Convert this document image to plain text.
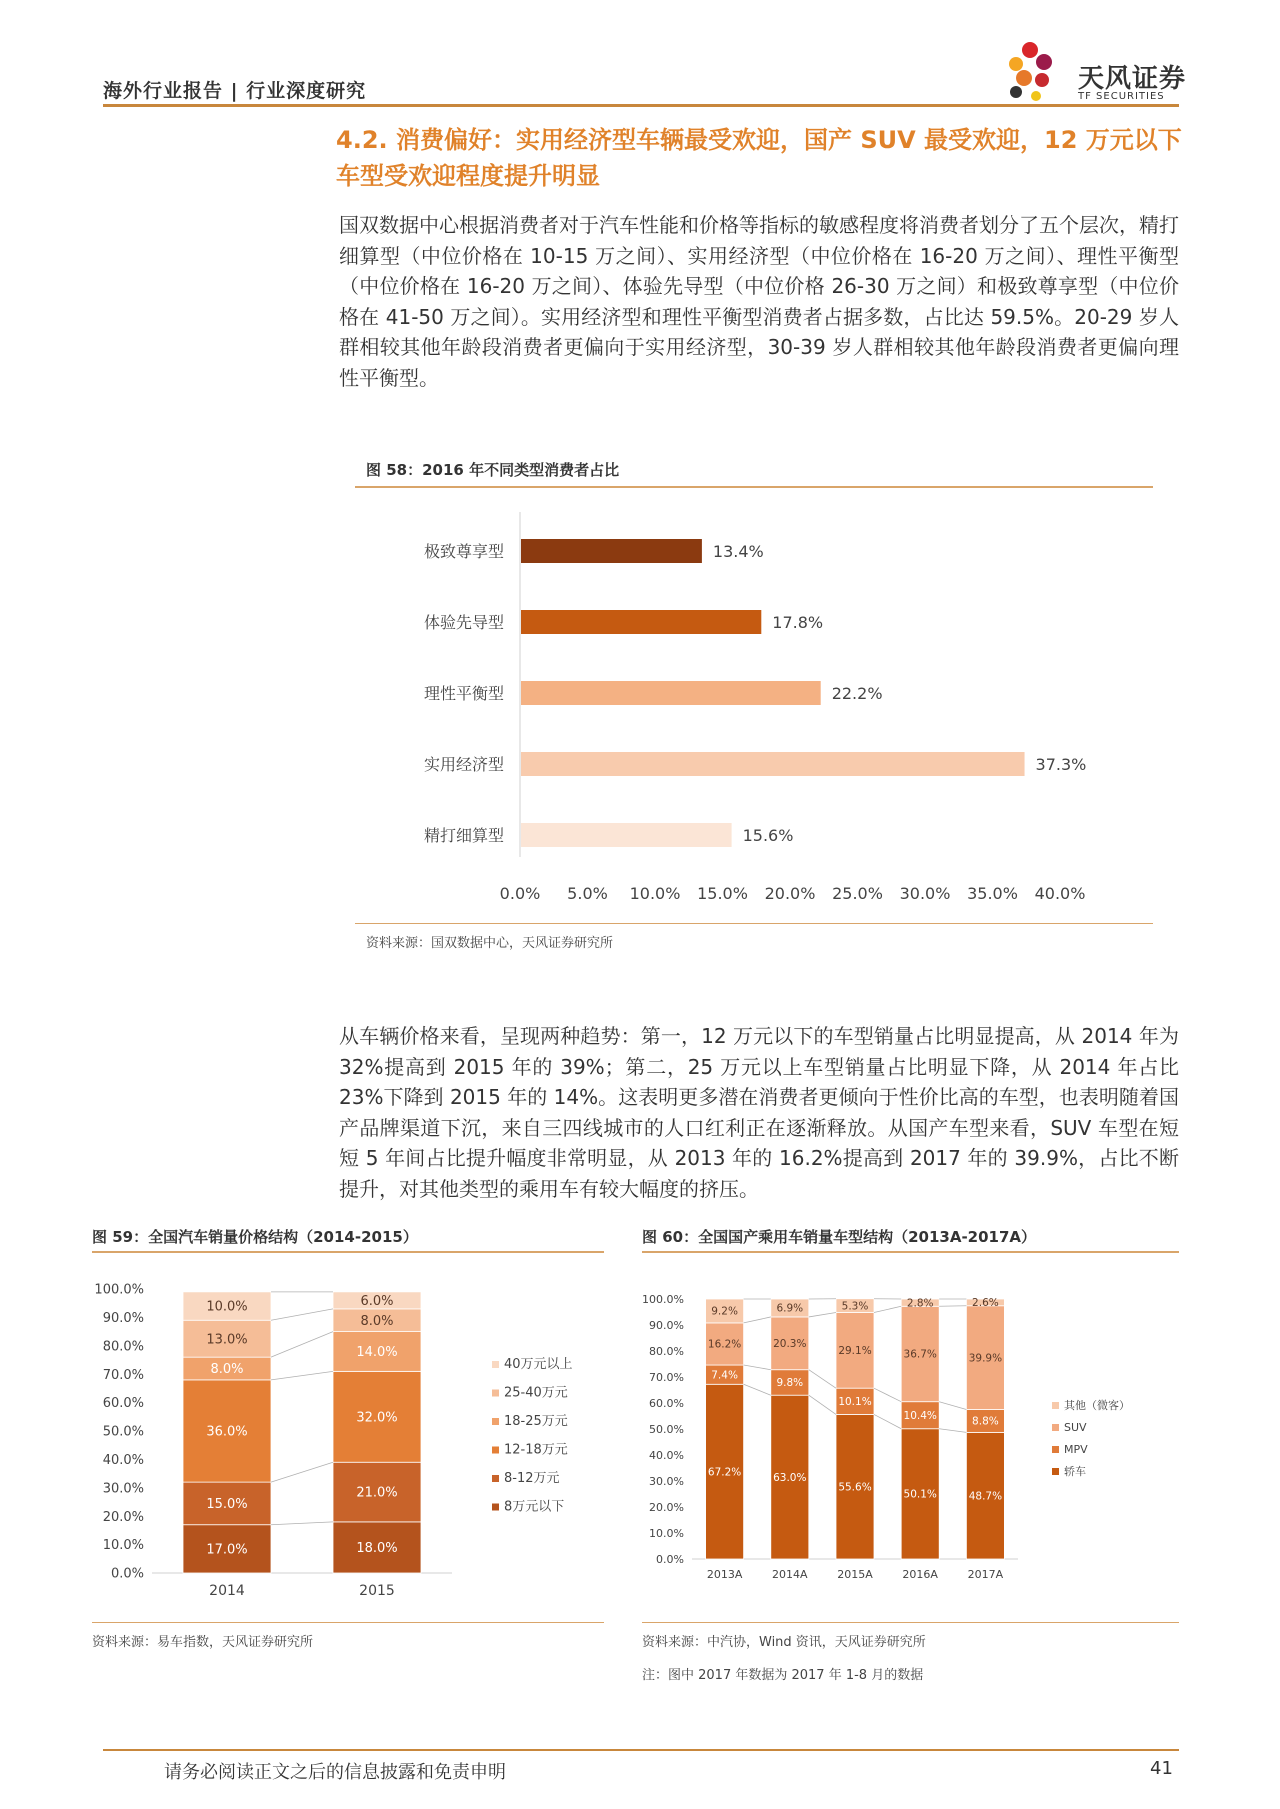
海外行业报告 | 行业深度研究	天风证券
TF SECURITIES
4.2. 消费偏好：实用经济型车辆最受欢迎，国产 SUV 最受欢迎，12 万元以下车型受欢迎程度提升明显
国双数据中心根据消费者对于汽车性能和价格等指标的敏感程度将消费者划分了五个层次，精打细算型（中位价格在 10-15 万之间）、实用经济型（中位价格在 16-20 万之间）、理性平衡型（中位价格在 16-20 万之间）、体验先导型（中位价格 26-30 万之间）和极致尊享型（中位价格在 41-50 万之间）。实用经济型和理性平衡型消费者占据多数，占比达 59.5%。20-29 岁人群相较其他年龄段消费者更偏向于实用经济型，30-39 岁人群相较其他年龄段消费者更偏向理性平衡型。
图 58：2016 年不同类型消费者占比
极致尊享型	13.4%
体验先导型	17.8%
理性平衡型	22.2%
实用经济型	37.3%
精打细算型	15.6%
0.0% 5.0% 10.0% 15.0% 20.0% 25.0% 30.0% 35.0% 40.0%
资料来源：国双数据中心，天风证券研究所
从车辆价格来看，呈现两种趋势：第一，12 万元以下的车型销量占比明显提高，从 2014 年为 32%提高到 2015 年的 39%；第二，25 万元以上车型销量占比明显下降，从 2014 年占比 23%下降到 2015 年的 14%。这表明更多潜在消费者更倾向于性价比高的车型，也表明随着国产品牌渠道下沉，来自三四线城市的人口红利正在逐渐释放。从国产车型来看，SUV 车型在短短 5 年间占比提升幅度非常明显，从 2013 年的 16.2%提高到 2017 年的 39.9%，占比不断提升，对其他类型的乘用车有较大幅度的挤压。
图 59：全国汽车销量价格结构（2014-2015）
0.0%
10.0%
20.0%
30.0%
40.0%
50.0%
60.0%
70.0%
80.0%
90.0%
100.0%
17.0%
15.0%
36.0%
8.0%
13.0%
10.0%
2014
18.0%
21.0%
32.0%
14.0%
8.0%
6.0%
2015
40万元以上
25-40万元
18-25万元
12-18万元
8-12万元
8万元以下
资料来源：易车指数，天风证券研究所
图 60：全国国产乘用车销量车型结构（2013A-2017A）
0.0%
10.0%
20.0%
30.0%
40.0%
50.0%
60.0%
70.0%
80.0%
90.0%
100.0%
67.2%
7.4%
16.2%
9.2%
2013A
63.0%
9.8%
20.3%
6.9%
2014A
55.6%
10.1%
29.1%
5.3%
2015A
50.1%
10.4%
36.7%
2.8%
2016A
48.7%
8.8%
39.9%
2.6%
2017A
其他（微客）
SUV
MPV
轿车
资料来源：中汽协，Wind 资讯，天风证券研究所
注：图中 2017 年数据为 2017 年 1-8 月的数据
请务必阅读正文之后的信息披露和免责申明	41
